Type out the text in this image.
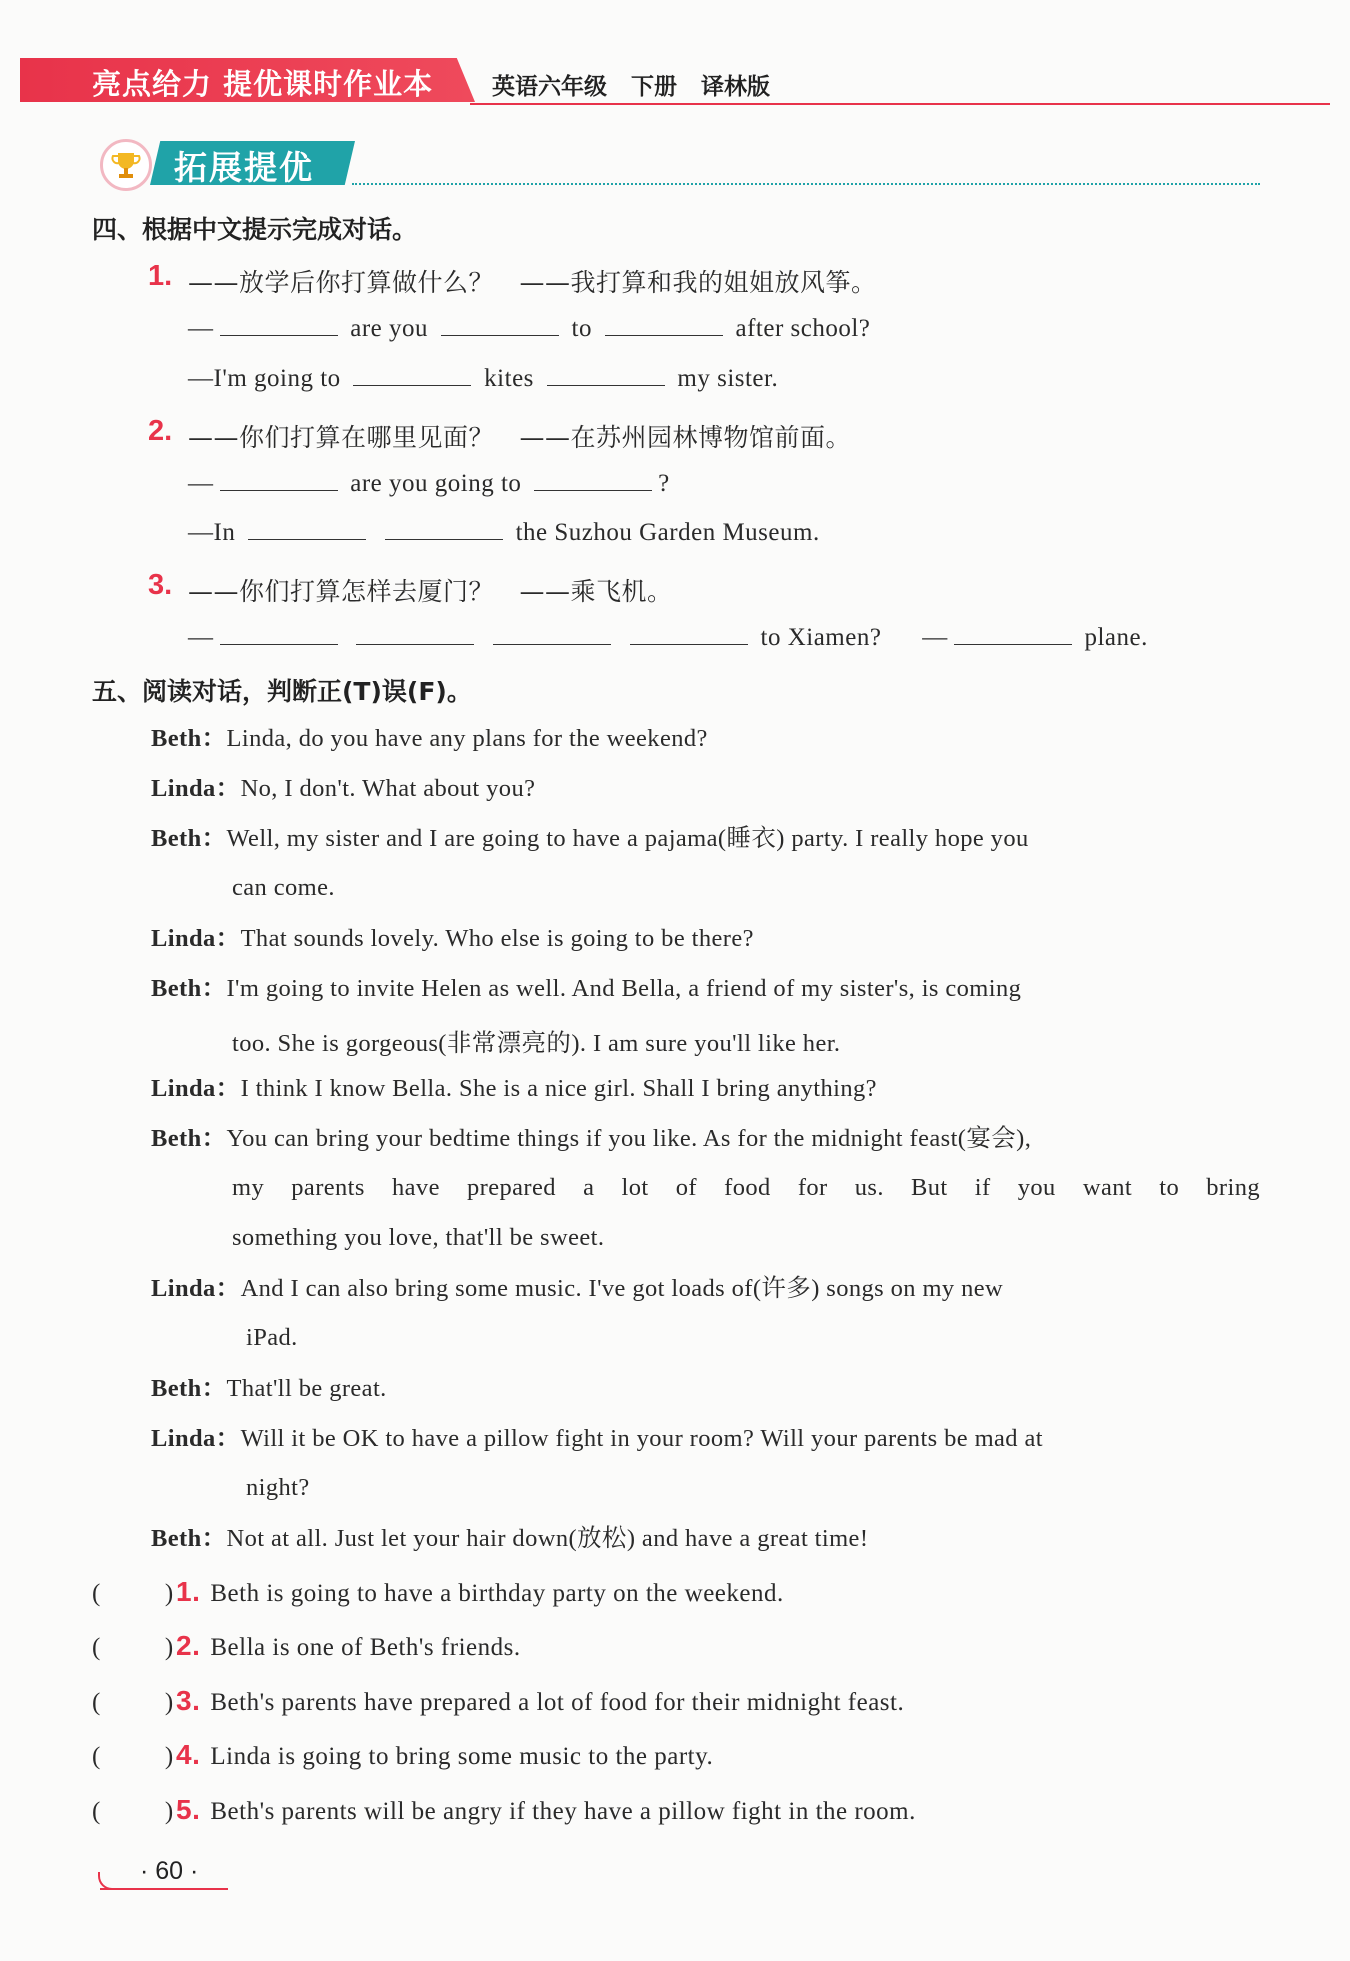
亮点给力 提优课时作业本	英语六年级   下册   译林版
拓展提优
四、根据中文提示完成对话。
1. ——放学后你打算做什么？　——我打算和我的姐姐放风筝。
—	are you	to	after school?
—I'm going to	kites	my sister.
2. ——你们打算在哪里见面？　——在苏州园林博物馆前面。
—	are you going to	?
—In	the Suzhou Garden Museum.
3. ——你们打算怎样去厦门？　——乘飞机。
—	to Xiamen? —	plane.
五、阅读对话，判断正(T)误(F)。
Beth：Linda, do you have any plans for the weekend?
Linda：No, I don't. What about you?
Beth：Well, my sister and I are going to have a pajama(睡衣) party. I really hope you
can come.
Linda：That sounds lovely. Who else is going to be there?
Beth：I'm going to invite Helen as well. And Bella, a friend of my sister's, is coming
too. She is gorgeous(非常漂亮的). I am sure you'll like her.
Linda：I think I know Bella. She is a nice girl. Shall I bring anything?
Beth：You can bring your bedtime things if you like. As for the midnight feast(宴会),
my parents have prepared a lot of food for us. But if you want to bring
something you love, that'll be sweet.
Linda：And I can also bring some music. I've got loads of(许多) songs on my new
iPad.
Beth：That'll be great.
Linda：Will it be OK to have a pillow fight in your room? Will your parents be mad at
night?
Beth：Not at all. Just let your hair down(放松) and have a great time!
(	)1. Beth is going to have a birthday party on the weekend.
(	)2. Bella is one of Beth's friends.
(	)3. Beth's parents have prepared a lot of food for their midnight feast.
(	)4. Linda is going to bring some music to the party.
(	)5. Beth's parents will be angry if they have a pillow fight in the room.
· 60 ·
